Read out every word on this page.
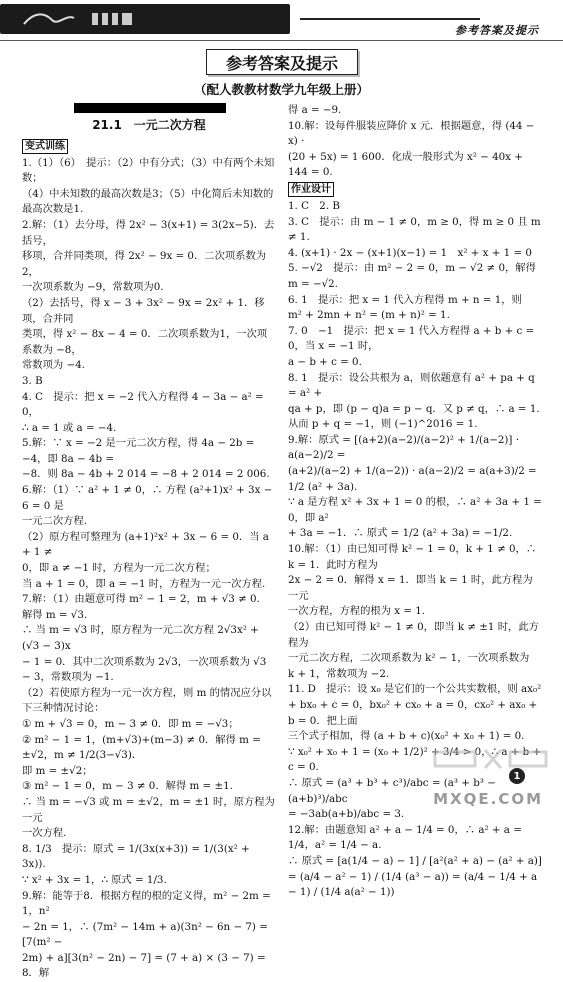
参考答案及提示
参考答案及提示
（配人教教材数学九年级上册）
21.1　一元二次方程
变式训练
1.（1）（6）　提示：（2）中有分式；（3）中有两个未知数；
（4）中未知数的最高次数是3；（5）中化简后未知数的
最高次数是1.
2.解：（1）去分母，得 2x² − 3(x+1) = 3(2x−5)．去括号，
移项，合并同类项，得 2x² − 9x = 0．二次项系数为2，
一次项系数为 −9，常数项为0.
（2）去括号，得 x − 3 + 3x² − 9x = 2x² + 1．移项，合并同
类项，得 x² − 8x − 4 = 0．二次项系数为1，一次项系数为 −8，
常数项为 −4.
3. B
4. C　提示：把 x = −2 代入方程得 4 − 3a − a² = 0，
∴ a = 1 或 a = −4.
5.解：∵ x = −2 是一元二次方程，得 4a − 2b = −4，即 8a − 4b =
−8．则 8a − 4b + 2 014 = −8 + 2 014 = 2 006.
6.解：（1）∵ a² + 1 ≠ 0，∴ 方程 (a²+1)x² + 3x − 6 = 0 是
一元二次方程.
（2）原方程可整理为 (a+1)²x² + 3x − 6 = 0．当 a + 1 ≠
0，即 a ≠ −1 时，方程为一元二次方程；
当 a + 1 = 0，即 a = −1 时，方程为一元一次方程.
7.解：（1）由题意可得 m² − 1 = 2，m + √3 ≠ 0．解得 m = √3.
∴ 当 m = √3 时，原方程为一元二次方程 2√3x² + (√3 − 3)x
− 1 = 0．其中二次项系数为 2√3，一次项系数为 √3 − 3，常数项为 −1.
（2）若使原方程为一元一次方程，则 m 的情况应分以
下三种情况讨论：
① m + √3 = 0，m − 3 ≠ 0．即 m = −√3；
② m² − 1 = 1，(m+√3)+(m−3) ≠ 0．解得 m = ±√2，m ≠ 1/2(3−√3)．
即 m = ±√2；
③ m² − 1 = 0，m − 3 ≠ 0．解得 m = ±1.
∴ 当 m = −√3 或 m = ±√2，m = ±1 时，原方程为一元
一次方程.
8. 1/3　提示：原式 = 1/(3x(x+3)) = 1/(3(x² + 3x)).
∵ x² + 3x = 1，∴ 原式 = 1/3.
9.解：能等于8．根据方程的根的定义得，m² − 2m = 1，n²
− 2n = 1，∴ (7m² − 14m + a)(3n² − 6n − 7) = [7(m² −
2m) + a][3(n² − 2n) − 7] = (7 + a) × (3 − 7) = 8．解
得 a = −9.
10.解：设每件服装应降价 x 元．根据题意，得 (44 − x) ·
(20 + 5x) = 1 600．化成一般形式为 x² − 40x + 144 = 0.
作业设计
1. C　2. B
3. C　提示：由 m − 1 ≠ 0，m ≥ 0，得 m ≥ 0 且 m ≠ 1.
4. (x+1) · 2x − (x+1)(x−1) = 1　x² + x + 1 = 0
5. −√2　提示：由 m² − 2 = 0，m − √2 ≠ 0，解得 m = −√2.
6. 1　提示：把 x = 1 代入方程得 m + n = 1，则
m² + 2mn + n² = (m + n)² = 1.
7. 0　−1　提示：把 x = 1 代入方程得 a + b + c = 0，当 x = −1 时，
a − b + c = 0.
8. 1　提示：设公共根为 a，则依题意有 a² + pa + q = a² +
qa + p，即 (p − q)a = p − q．又 p ≠ q，∴ a = 1.
从而 p + q = −1，则 (−1)^2016 = 1.
9.解：原式 = [(a+2)(a−2)/(a−2)² + 1/(a−2)] · a(a−2)/2 =
(a+2)/(a−2) + 1/(a−2)) · a(a−2)/2 = a(a+3)/2 = 1/2 (a² + 3a).
∵ a 是方程 x² + 3x + 1 = 0 的根，∴ a² + 3a + 1 = 0，即 a²
+ 3a = −1．∴ 原式 = 1/2 (a² + 3a) = −1/2.
10.解：（1）由已知可得 k² − 1 = 0，k + 1 ≠ 0，∴ k = 1．此时方程为
2x − 2 = 0．解得 x = 1．即当 k = 1 时，此方程为一元
一次方程，方程的根为 x = 1.
（2）由已知可得 k² − 1 ≠ 0，即当 k ≠ ±1 时，此方程为
一元二次方程，二次项系数为 k² − 1，一次项系数为
k + 1，常数项为 −2.
11. D　提示：设 x₀ 是它们的一个公共实数根，则 ax₀²
+ bx₀ + c = 0，bx₀² + cx₀ + a = 0，cx₀² + ax₀ + b = 0．把上面
三个式子相加，得 (a + b + c)(x₀² + x₀ + 1) = 0.
∵ x₀² + x₀ + 1 = (x₀ + 1/2)² + 3/4 > 0，∴ a + b + c = 0.
∴ 原式 = (a³ + b³ + c³)/abc = (a³ + b³ − (a+b)³)/abc
= −3ab(a+b)/abc = 3.
12.解：由题意知 a² + a − 1/4 = 0，∴ a² + a = 1/4，a² = 1/4 − a.
∴ 原式 = [a(1/4 − a) − 1] / [a²(a² + a) − (a² + a)]
= (a/4 − a² − 1) / (1/4 (a³ − a)) = (a/4 − 1/4 + a − 1) / (1/4 a(a² − 1))
1
MXQE.COM
